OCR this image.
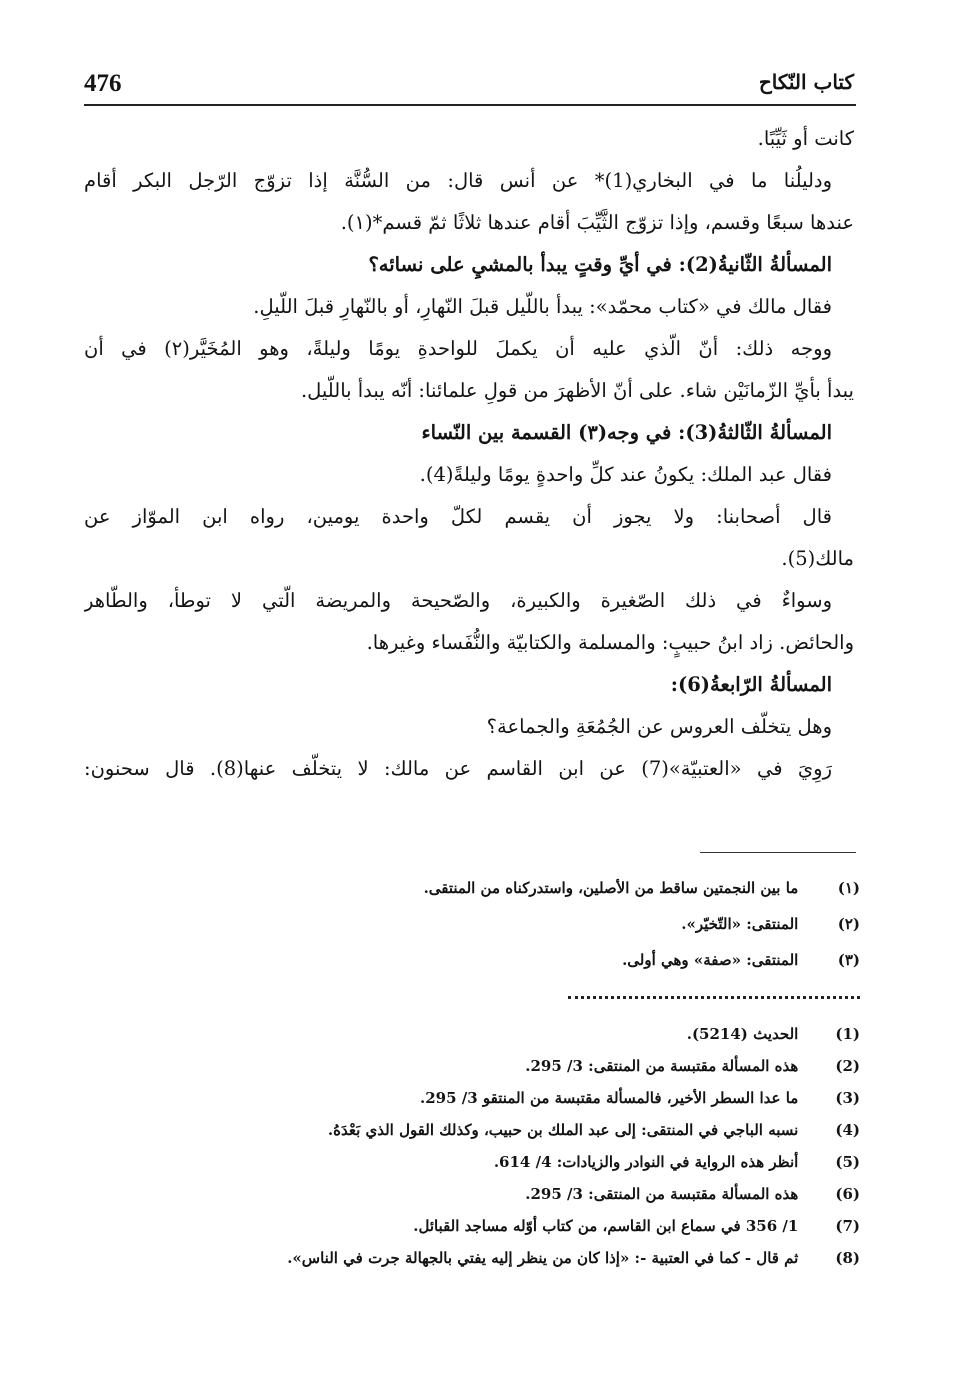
476	كتاب النّكاح
كانت أو ثَيِّبًا.
ودليلُنا ما في البخاري(1)* عن أنس قال: من السُّنَّة إذا تزوّج الرّجل البكر أقام
عندها سبعًا وقسم، وإذا تزوّج الثَّيِّبَ أقام عندها ثلاثًا ثمّ قسم*(١).
المسألةُ الثّانيةُ(2): في أيِّ وقتٍ يبدأ بالمشيِ على نسائه؟
فقال مالك في «كتاب محمّد»: يبدأ باللّيل قبلَ النّهارِ، أو بالنّهارِ قبلَ اللّيلِ.
ووجه ذلك: أنّ الّذي عليه أن يكملَ للواحدةِ يومًا وليلةً، وهو المُخَيَّر(٢) في أن
يبدأ بأيِّ الزّمانَيْن شاء. على أنّ الأظهرَ من قولِ علمائنا: أنّه يبدأ باللّيل.
المسألةُ الثّالثةُ(3): في وجه(٣) القسمة بين النّساء
فقال عبد الملك: يكونُ عند كلِّ واحدةٍ يومًا وليلةً(4).
قال أصحابنا: ولا يجوز أن يقسم لكلّ واحدة يومين، رواه ابن الموّاز عن
مالك(5).
وسواءٌ في ذلك الصّغيرة والكبيرة، والصّحيحة والمريضة الّتي لا توطأ، والطّاهر
والحائض. زاد ابنُ حبيبٍ: والمسلمة والكتابيّة والنُّفَساء وغيرها.
المسألةُ الرّابعةُ(6):
وهل يتخلّف العروس عن الجُمُعَةِ والجماعة؟
رَوِيَ في «العتبيّة»(7) عن ابن القاسم عن مالك: لا يتخلّف عنها(8). قال سحنون:
(١)   ما بين النجمتين ساقط من الأصلين، واستدركناه من المنتقى.
(٢)   المنتقى: «التّخيّر».
(٣)   المنتقى: «صفة» وهي أولى.
(1)   الحديث (5214).
(2)   هذه المسألة مقتبسة من المنتقى: 3/ 295.
(3)   ما عدا السطر الأخير، فالمسألة مقتبسة من المنتقو 3/ 295.
(4)   نسبه الباجي في المنتقى: إلى عبد الملك بن حبيب، وكذلك القول الذي بَعْدَهُ.
(5)   أنظر هذه الرواية في النوادر والزيادات: 4/ 614.
(6)   هذه المسألة مقتبسة من المنتقى: 3/ 295.
(7)   1/ 356 في سماع ابن القاسم، من كتاب أوّله مساجد القبائل.
(8)   ثم قال - كما في العتبية -: «إذا كان من ينظر إليه يفتي بالجهالة جرت في الناس».
